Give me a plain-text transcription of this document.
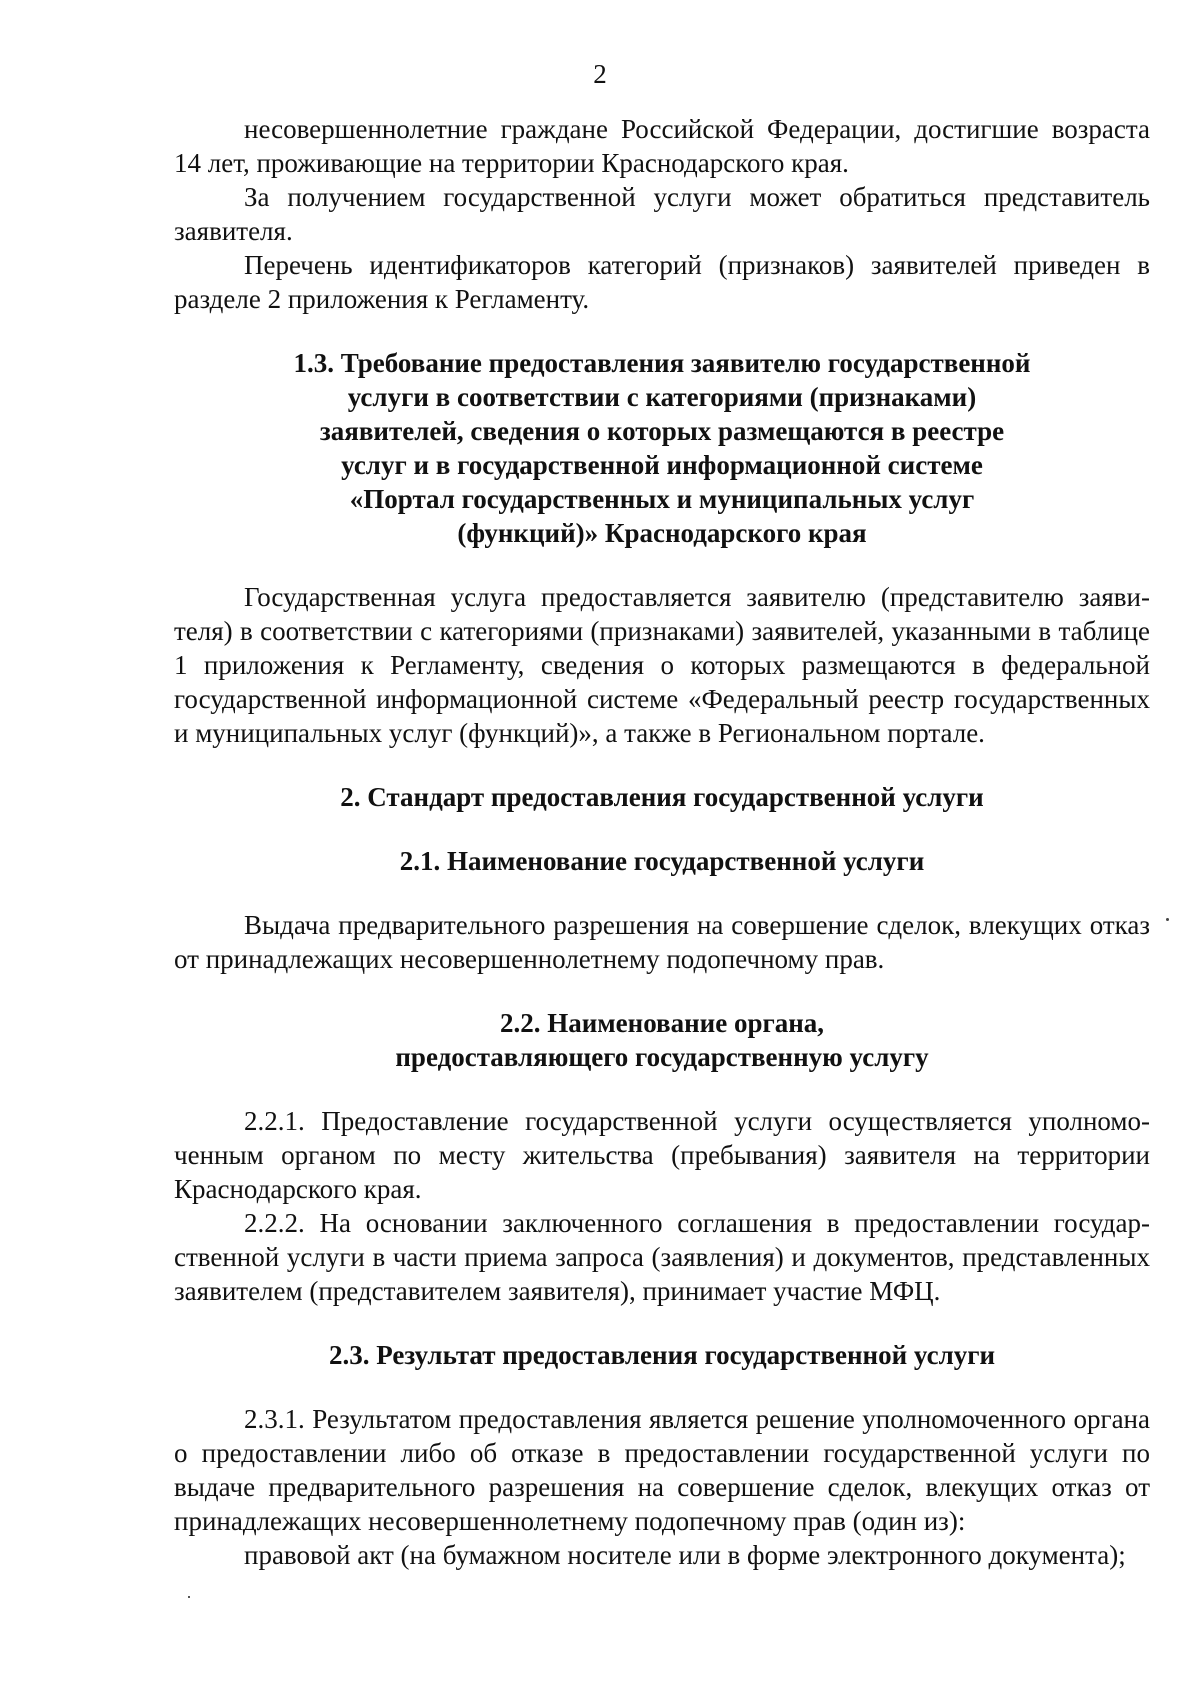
2

несовершеннолетние граждане Российской Федерации, достигшие возраста 14 лет, проживающие на территории Краснодарского края.

За получением государственной услуги может обратиться представитель заявителя.

Перечень идентификаторов категорий (признаков) заявителей приведен в разделе 2 приложения к Регламенту.

1.3. Требование предоставления заявителю государственной
услуги в соответствии с категориями (признаками)
заявителей, сведения о которых размещаются в реестре
услуг и в государственной информационной системе
«Портал государственных и муниципальных услуг
(функций)» Краснодарского края

Государственная услуга предоставляется заявителю (представителю заявителя) в соответствии с категориями (признаками) заявителей, указанными в таблице 1 приложения к Регламенту, сведения о которых размещаются в федеральной государственной информационной системе «Федеральный реестр государственных и муниципальных услуг (функций)», а также в Региональном портале.

2. Стандарт предоставления государственной услуги
2.1. Наименование государственной услуги

Выдача предварительного разрешения на совершение сделок, влекущих отказ от принадлежащих несовершеннолетнему подопечному прав.

2.2. Наименование органа,
предоставляющего государственную услугу

2.2.1. Предоставление государственной услуги осуществляется уполномоченным органом по месту жительства (пребывания) заявителя на территории Краснодарского края.

2.2.2. На основании заключенного соглашения в предоставлении государственной услуги в части приема запроса (заявления) и документов, представленных заявителем (представителем заявителя), принимает участие МФЦ.

2.3. Результат предоставления государственной услуги

2.3.1. Результатом предоставления является решение уполномоченного органа о предоставлении либо об отказе в предоставлении государственной услуги по выдаче предварительного разрешения на совершение сделок, влекущих отказ от принадлежащих несовершеннолетнему подопечному прав (один из):

правовой акт (на бумажном носителе или в форме электронного документа);
